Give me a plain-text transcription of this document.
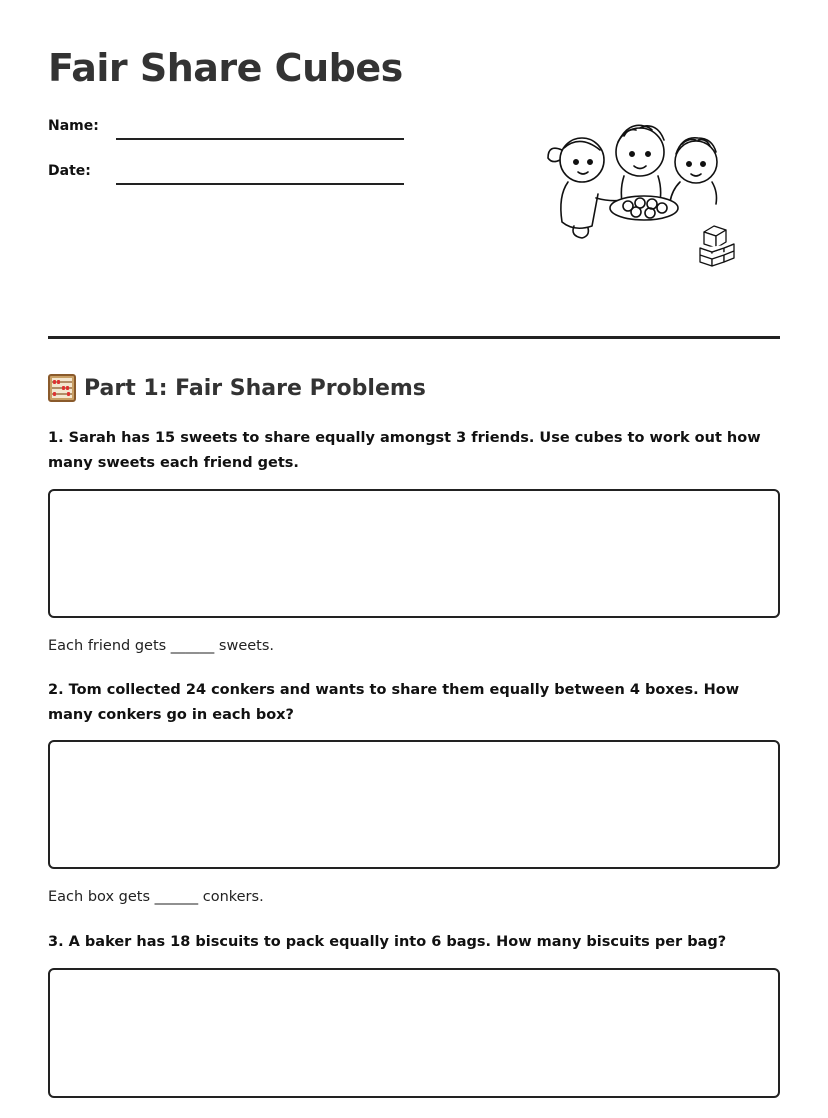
Fair Share Cubes
Name:
Date:
Part 1: Fair Share Problems

1. Sarah has 15 sweets to share equally amongst 3 friends. Use cubes to work out how many sweets each friend gets.

Each friend gets ______ sweets.

2. Tom collected 24 conkers and wants to share them equally between 4 boxes. How many conkers go in each box?

Each box gets ______ conkers.

3. A baker has 18 biscuits to pack equally into 6 bags. How many biscuits per bag?
